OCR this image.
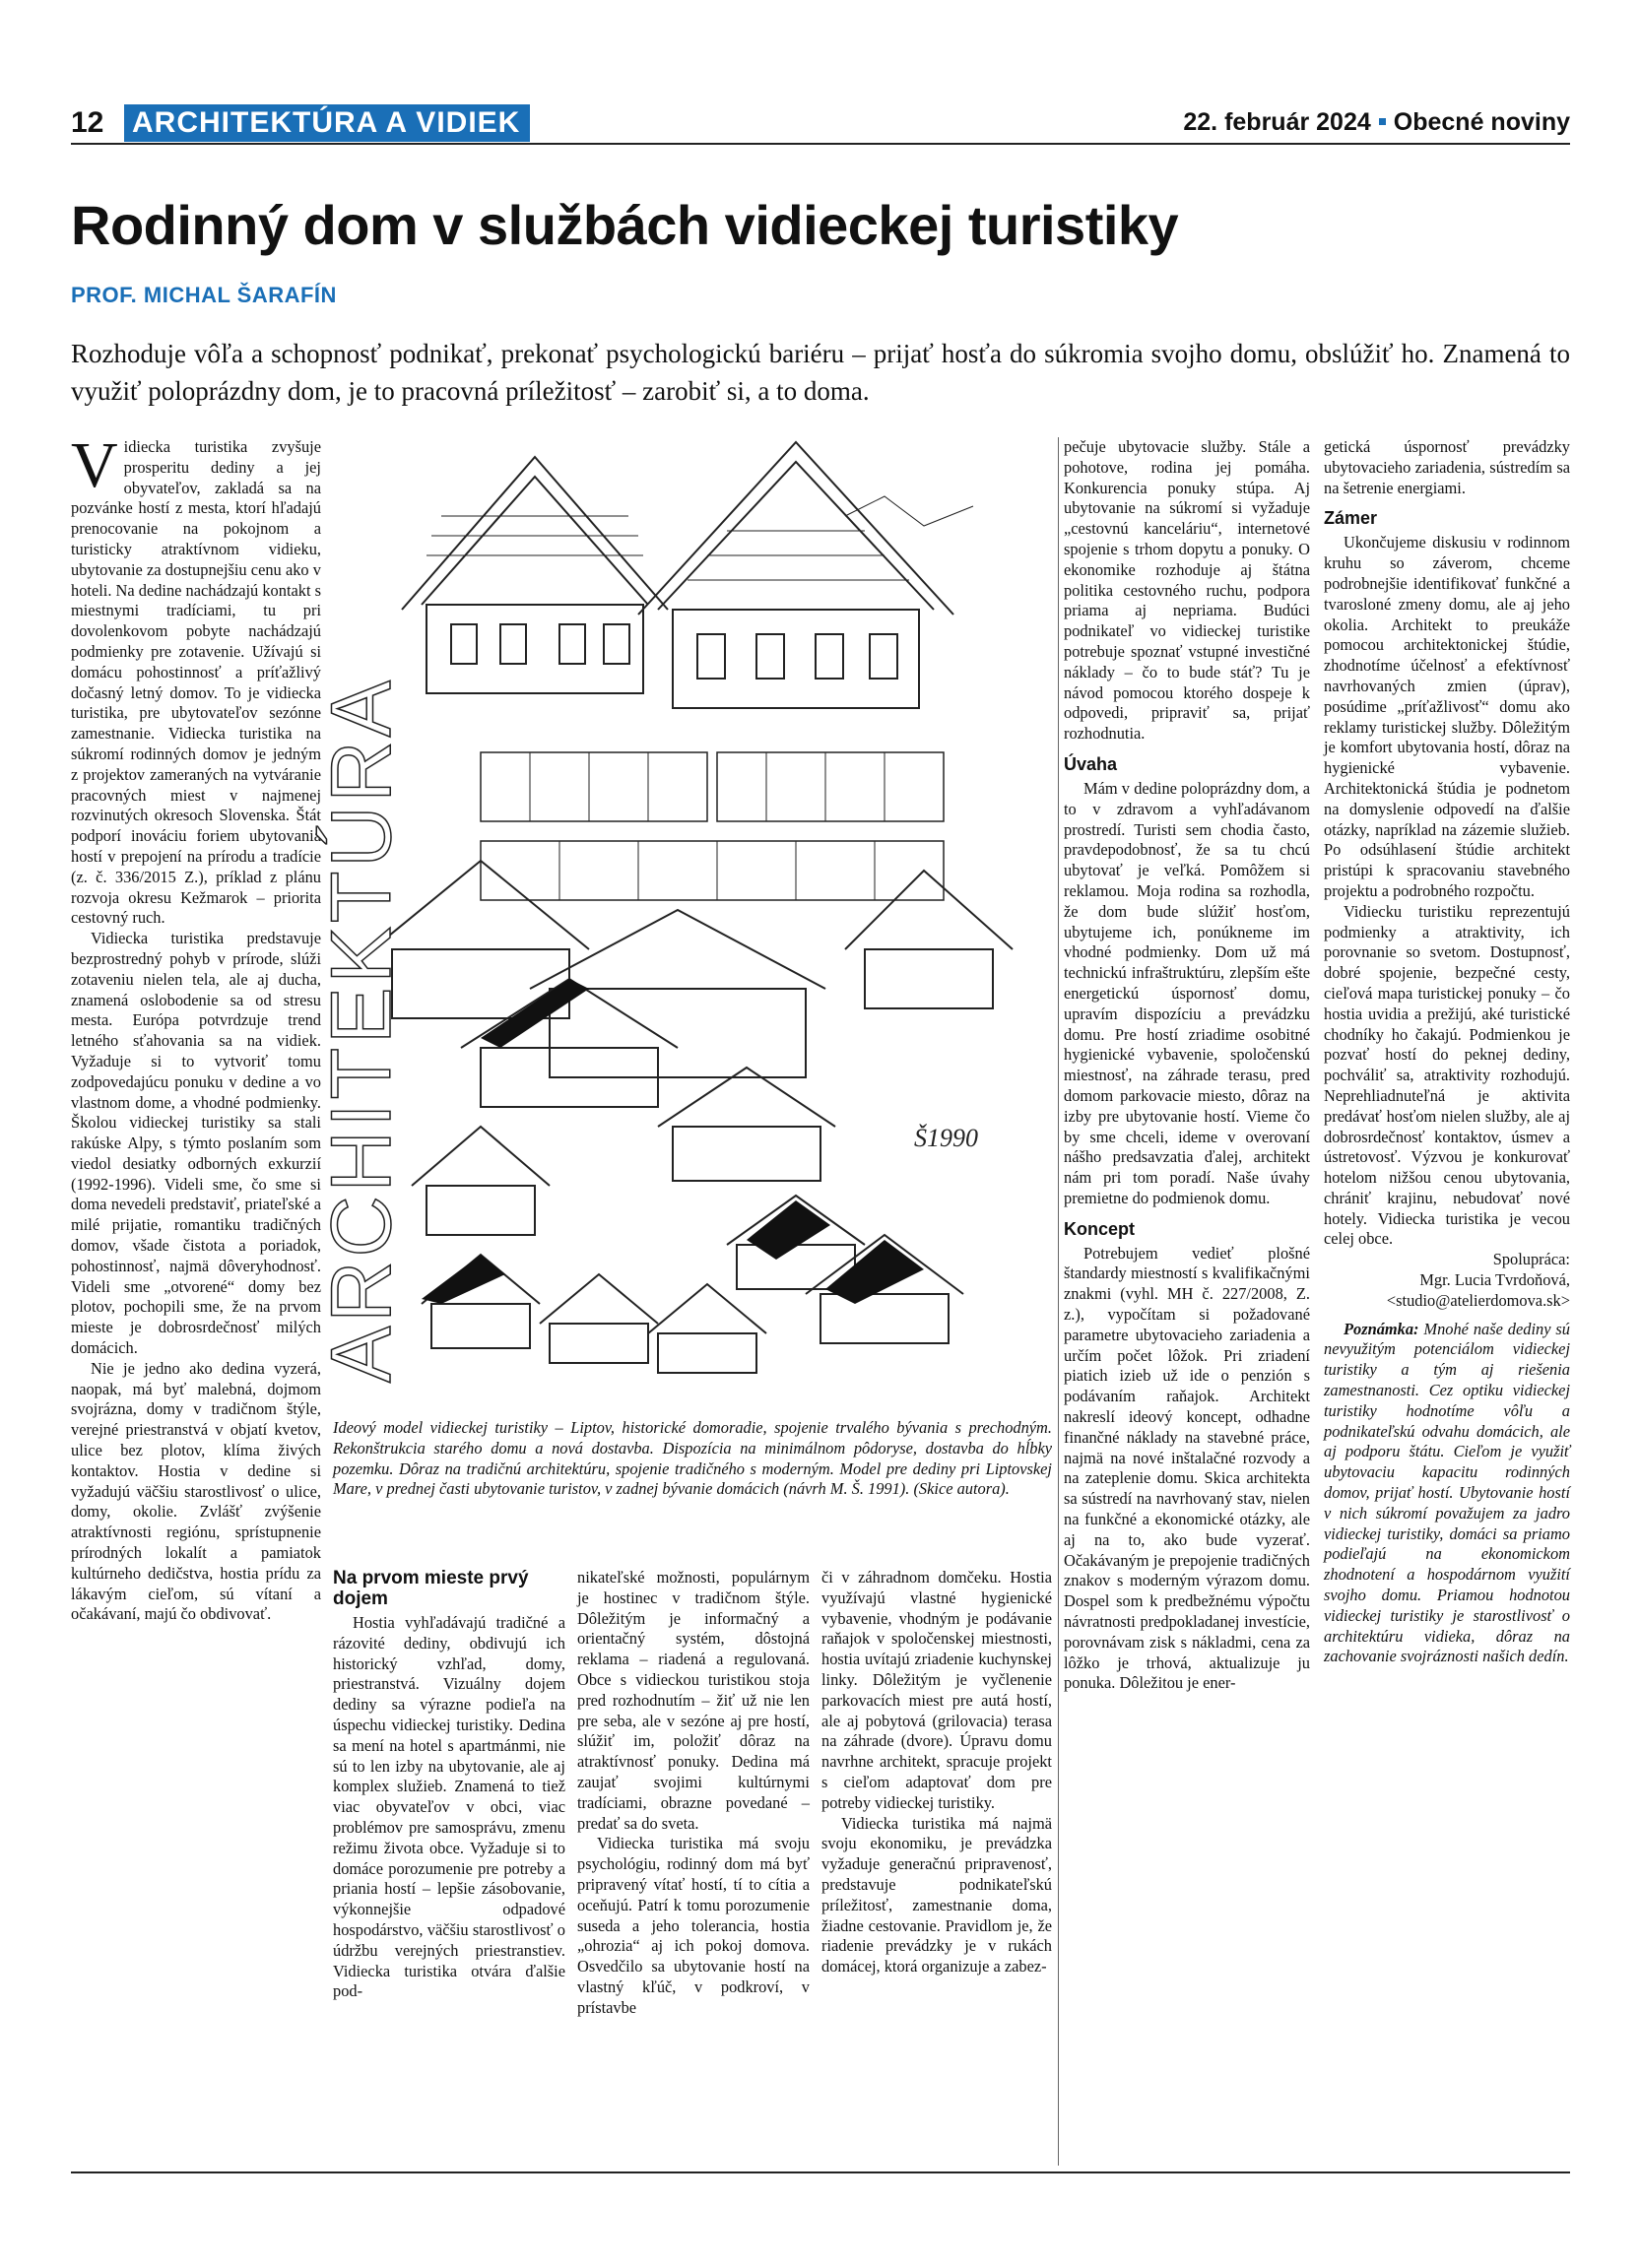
12 ARCHITEKTÚRA A VIDIEK	22. február 2024 Obecné noviny
Rodinný dom v službách vidieckej turistiky
PROF. MICHAL ŠARAFÍN
Rozhoduje vôľa a schopnosť podnikať, prekonať psychologickú bariéru – prijať hosťa do súkromia svojho domu, obslúžiť ho. Znamená to využiť poloprázdny dom, je to pracovná príležitosť – zarobiť si, a to doma.

Vidiecka turistika zvyšuje prosperitu dediny a jej obyvateľov, zakladá sa na pozvánke hostí z mesta, ktorí hľadajú prenocovanie na pokojnom a turisticky atraktívnom vidieku, ubytovanie za dostupnejšiu cenu ako v hoteli. Na dedine nachádzajú kontakt s miestnymi tradíciami, tu pri dovolenkovom pobyte nachádzajú podmienky pre zotavenie. Užívajú si domácu pohostinnosť a príťažlivý dočasný letný domov. To je vidiecka turistika, pre ubytovateľov sezónne zamestnanie. Vidiecka turistika na súkromí rodinných domov je jedným z projektov zameraných na vytváranie pracovných miest v najmenej rozvinutých okresoch Slovenska. Štát podporí inováciu foriem ubytovania hostí v prepojení na prírodu a tradície (z. č. 336/2015 Z.), príklad z plánu rozvoja okresu Kežmarok – priorita cestovný ruch.

Vidiecka turistika predstavuje bezprostredný pohyb v prírode, slúži zotaveniu nielen tela, ale aj ducha, znamená oslobodenie sa od stresu mesta. Európa potvrdzuje trend letného sťahovania sa na vidiek. Vyžaduje si to vytvoriť tomu zodpovedajúcu ponuku v dedine a vo vlastnom dome, a vhodné podmienky. Školou vidieckej turistiky sa stali rakúske Alpy, s týmto poslaním som viedol desiatky odborných exkurzií (1992-1996). Videli sme, čo sme si doma nevedeli predstaviť, priateľské a milé prijatie, romantiku tradičných domov, všade čistota a poriadok, pohostinnosť, najmä dôveryhodnosť. Videli sme „otvorené“ domy bez plotov, pochopili sme, že na prvom mieste je dobrosrdečnosť milých domácich.

Nie je jedno ako dedina vyzerá, naopak, má byť malebná, dojmom svojrázna, domy v tradičnom štýle, verejné priestranstvá v objatí kvetov, ulice bez plotov, klíma živých kontaktov. Hostia v dedine si vyžadujú väčšiu starostlivosť o ulice, domy, okolie. Zvlášť zvýšenie atraktívnosti regiónu, sprístupnenie prírodných lokalít a pamiatok kultúrneho dedičstva, hostia prídu za lákavým cieľom, sú vítaní a očakávaní, majú čo obdivovať.

ARCHITEKTÚRA	Š1990
Ideový model vidieckej turistiky – Liptov, historické domoradie, spojenie trvalého bývania s prechodným. Rekonštrukcia starého domu a nová dostavba. Dispozícia na minimálnom pôdoryse, dostavba do hĺbky pozemku. Dôraz na tradičnú architektúru, spojenie tradičného s moderným. Model pre dediny pri Liptovskej Mare, v prednej časti ubytovanie turistov, v zadnej bývanie domácich (návrh M. Š. 1991). (Skice autora).
Na prvom mieste prvý dojem

Hostia vyhľadávajú tradičné a rázovité dediny, obdivujú ich historický vzhľad, domy, priestranstvá. Vizuálny dojem dediny sa výrazne podieľa na úspechu vidieckej turistiky. Dedina sa mení na hotel s apartmánmi, nie sú to len izby na ubytovanie, ale aj komplex služieb. Znamená to tiež viac obyvateľov v obci, viac problémov pre samosprávu, zmenu režimu života obce. Vyžaduje si to domáce porozumenie pre potreby a priania hostí – lepšie zásobovanie, výkonnejšie odpadové hospodárstvo, väčšiu starostlivosť o údržbu verejných priestranstiev. Vidiecka turistika otvára ďalšie pod-

nikateľské možnosti, populárnym je hostinec v tradičnom štýle. Dôležitým je informačný a orientačný systém, dôstojná reklama – riadená a regulovaná. Obce s vidieckou turistikou stoja pred rozhodnutím – žiť už nie len pre seba, ale v sezóne aj pre hostí, slúžiť im, položiť dôraz na atraktívnosť ponuky. Dedina má zaujať svojimi kultúrnymi tradíciami, obrazne povedané – predať sa do sveta.

Vidiecka turistika má svoju psychológiu, rodinný dom má byť pripravený vítať hostí, tí to cítia a oceňujú. Patrí k tomu porozumenie suseda a jeho tolerancia, hostia „ohrozia“ aj ich pokoj domova. Osvedčilo sa ubytovanie hostí na vlastný kľúč, v podkroví, v prístavbe

či v záhradnom domčeku. Hostia využívajú vlastné hygienické vybavenie, vhodným je podávanie raňajok v spoločenskej miestnosti, hostia uvítajú zriadenie kuchynskej linky. Dôležitým je vyčlenenie parkovacích miest pre autá hostí, ale aj pobytová (grilovacia) terasa na záhrade (dvore). Úpravu domu navrhne architekt, spracuje projekt s cieľom adaptovať dom pre potreby vidieckej turistiky.

Vidiecka turistika má najmä svoju ekonomiku, je prevádzka vyžaduje generačnú pripravenosť, predstavuje podnikateľskú príležitosť, zamestnanie doma, žiadne cestovanie. Pravidlom je, že riadenie prevádzky je v rukách domácej, ktorá organizuje a zabez-

pečuje ubytovacie služby. Stále a pohotove, rodina jej pomáha. Konkurencia ponuky stúpa. Aj ubytovanie na súkromí si vyžaduje „cestovnú kanceláriu“, internetové spojenie s trhom dopytu a ponuky. O ekonomike rozhoduje aj štátna politika cestovného ruchu, podpora priama aj nepriama. Budúci podnikateľ vo vidieckej turistike potrebuje spoznať vstupné investičné náklady – čo to bude stáť? Tu je návod pomocou ktorého dospeje k odpovedi, pripraviť sa, prijať rozhodnutia.

Úvaha

Mám v dedine poloprázdny dom, a to v zdravom a vyhľadávanom prostredí. Turisti sem chodia často, pravdepodobnosť, že sa tu chcú ubytovať je veľká. Pomôžem si reklamou. Moja rodina sa rozhodla, že dom bude slúžiť hosťom, ubytujeme ich, ponúkneme im vhodné podmienky. Dom už má technickú infraštruktúru, zlepším ešte energetickú úspornosť domu, upravím dispozíciu a prevádzku domu. Pre hostí zriadime osobitné hygienické vybavenie, spoločenskú miestnosť, na záhrade terasu, pred domom parkovacie miesto, dôraz na izby pre ubytovanie hostí. Vieme čo by sme chceli, ideme v overovaní nášho predsavzatia ďalej, architekt nám pri tom poradí. Naše úvahy premietne do podmienok domu.

Koncept

Potrebujem vedieť plošné štandardy miestností s kvalifikačnými znakmi (vyhl. MH č. 227/2008, Z. z.), vypočítam si požadované parametre ubytovacieho zariadenia a určím počet lôžok. Pri zriadení piatich izieb už ide o penzión s podávaním raňajok. Architekt nakreslí ideový koncept, odhadne finančné náklady na stavebné práce, najmä na nové inštalačné rozvody a na zateplenie domu. Skica architekta sa sústredí na navrhovaný stav, nielen na funkčné a ekonomické otázky, ale aj na to, ako bude vyzerať. Očakávaným je prepojenie tradičných znakov s moderným výrazom domu. Dospel som k predbežnému výpočtu návratnosti predpokladanej investície, porovnávam zisk s nákladmi, cena za lôžko je trhová, aktualizuje ju ponuka. Dôležitou je ener-

getická úspornosť prevádzky ubytovacieho zariadenia, sústredím sa na šetrenie energiami.

Zámer

Ukončujeme diskusiu v rodinnom kruhu so záverom, chceme podrobnejšie identifikovať funkčné a tvarosloné zmeny domu, ale aj jeho okolia. Architekt to preukáže pomocou architektonickej štúdie, zhodnotíme účelnosť a efektívnosť navrhovaných zmien (úprav), posúdime „príťažlivosť“ domu ako reklamy turistickej služby. Dôležitým je komfort ubytovania hostí, dôraz na hygienické vybavenie. Architektonická štúdia je podnetom na domyslenie odpovedí na ďalšie otázky, napríklad na zázemie služieb. Po odsúhlasení štúdie architekt pristúpi k spracovaniu stavebného projektu a podrobného rozpočtu.

Vidiecku turistiku reprezentujú podmienky a atraktivity, ich porovnanie so svetom. Dostupnosť, dobré spojenie, bezpečné cesty, cieľová mapa turistickej ponuky – čo hostia uvidia a prežijú, aké turistické chodníky ho čakajú. Podmienkou je pozvať hostí do peknej dediny, pochváliť sa, atraktivity rozhodujú. Neprehliadnuteľná je aktivita predávať hosťom nielen služby, ale aj dobrosrdečnosť kontaktov, úsmev a ústretovosť. Výzvou je konkurovať hotelom nižšou cenou ubytovania, chrániť krajinu, nebudovať nové hotely. Vidiecka turistika je vecou celej obce.

Spolupráca:

Mgr. Lucia Tvrdoňová,

<studio@atelierdomova.sk>

Poznámka: Mnohé naše dediny sú nevyužitým potenciálom vidieckej turistiky a tým aj riešenia zamestnanosti. Cez optiku vidieckej turistiky hodnotíme vôľu a podnikateľskú odvahu domácich, ale aj podporu štátu. Cieľom je využiť ubytovaciu kapacitu rodinných domov, prijať hostí. Ubytovanie hostí v nich súkromí považujem za jadro vidieckej turistiky, domáci sa priamo podieľajú na ekonomickom zhodnotení a hospodárnom využití svojho domu. Priamou hodnotou vidieckej turistiky je starostlivosť o architektúru vidieka, dôraz na zachovanie svojráznosti našich dedín.
